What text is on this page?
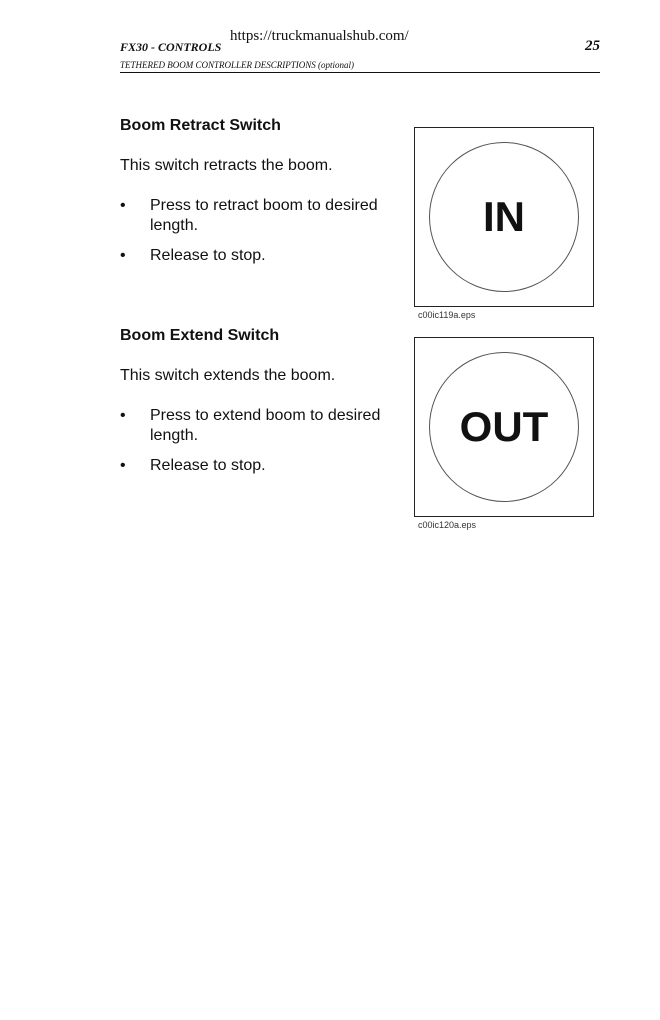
https://truckmanualshub.com/
FX30 - CONTROLS	25
TETHERED BOOM CONTROLLER DESCRIPTIONS (optional)
Boom Retract Switch

This switch retracts the boom.

• Press to retract boom to desired length.
• Release to stop.
IN
c00ic119a.eps
Boom Extend Switch

This switch extends the boom.

• Press to extend boom to desired length.
• Release to stop.
OUT
c00ic120a.eps
